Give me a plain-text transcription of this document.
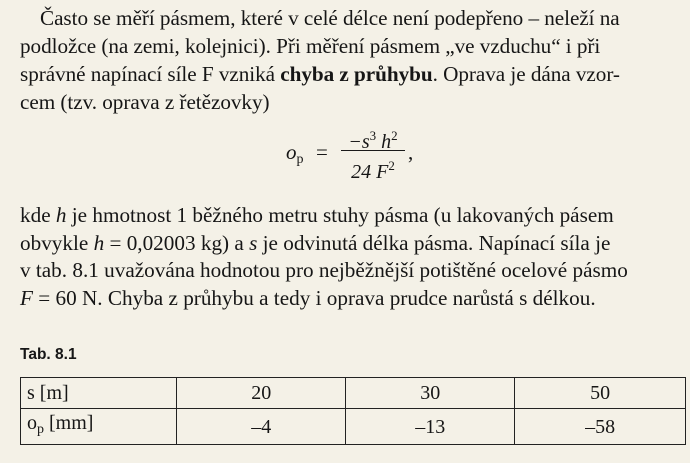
Často se měří pásmem, které v celé délce není podepřeno – neleží na

podložce (na zemi, kolejnici). Při měření pásmem „ve vzduchu“ i při

správné napínací síle F vzniká chyba z průhybu. Oprava je dána vzor-

cem (tzv. oprava z řetězovky)

$o_p$ =	$-s^3$ $h^2$
24 $F^2$
,

kde h je hmotnost 1 běžného metru stuhy pásma (u lakovaných pásem

obvykle h = 0,02003 kg) a s je odvinutá délka pásma. Napínací síla je

v tab. 8.1 uvažována hodnotou pro nejběžnější potištěné ocelové pásmo

F = 60 N. Chyba z průhybu a tedy i oprava prudce narůstá s délkou.

Tab. 8.1
s [m]	20	30	50
$o_p$ [mm]	–4	–13	–58
